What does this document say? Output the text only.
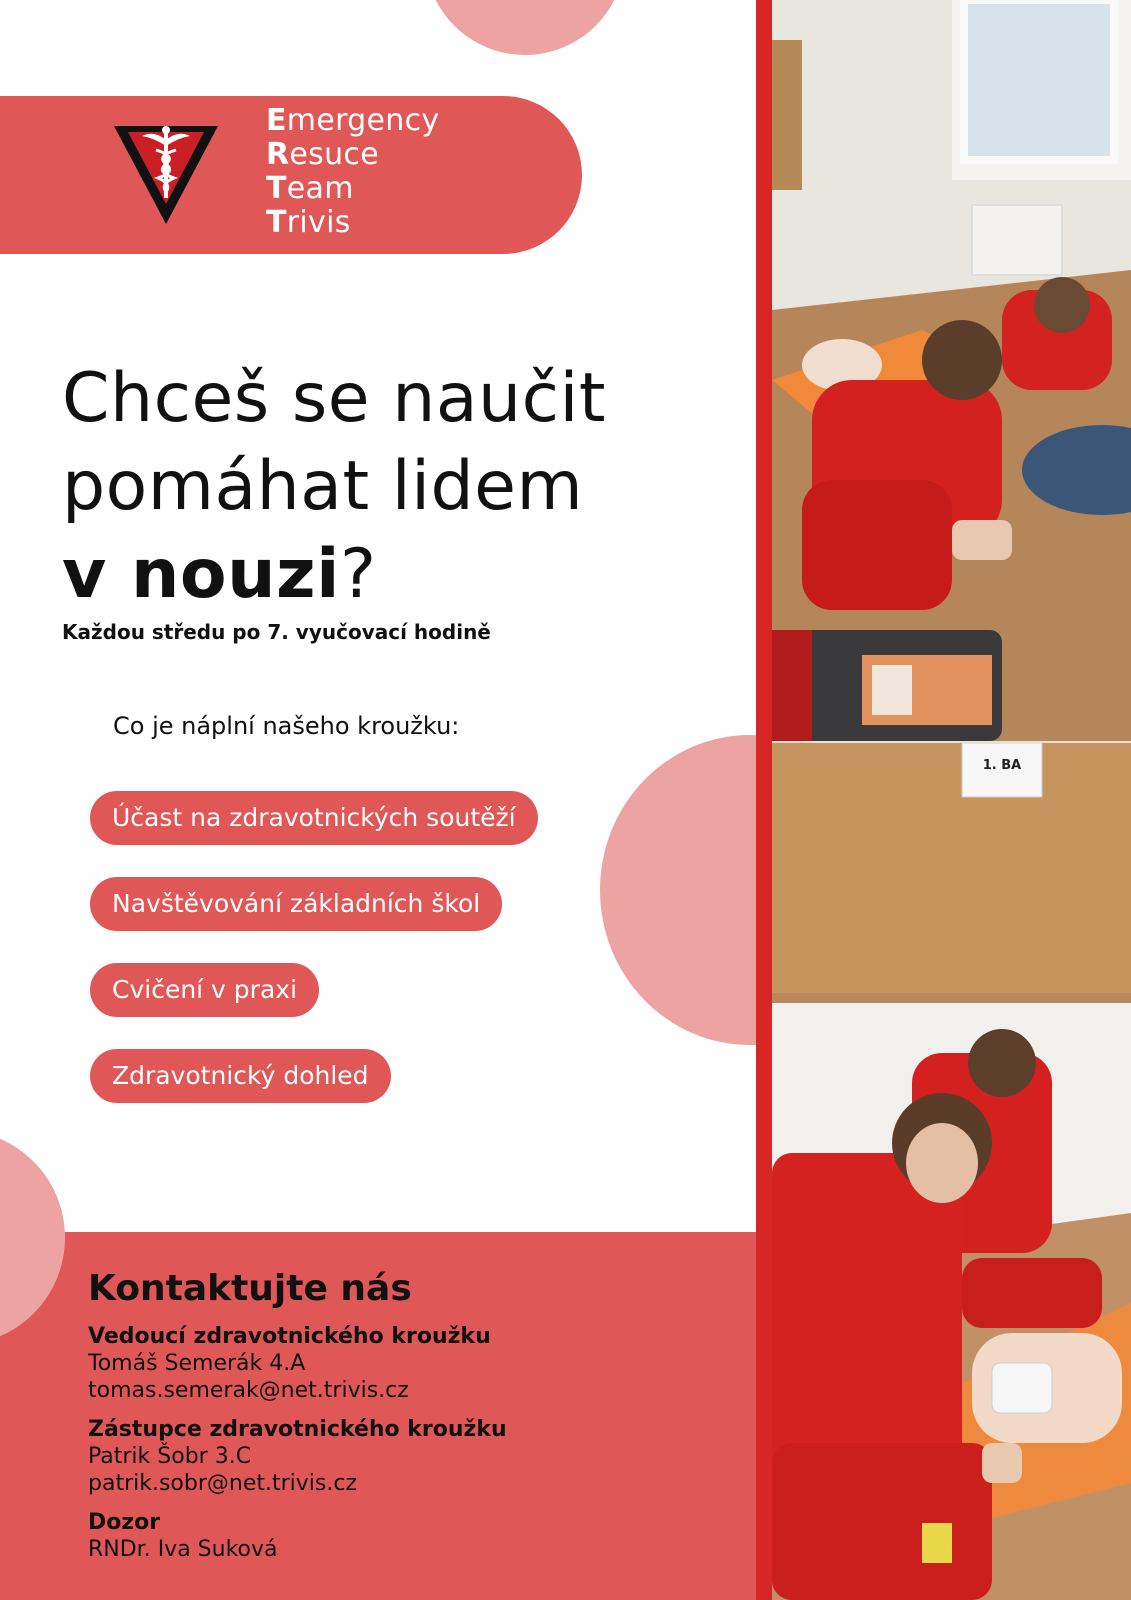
Emergency
Resuce
Team
Trivis
Chceš se naučit
pomáhat lidem
v nouzi?
Každou středu po 7. vyučovací hodině
Co je náplní našeho kroužku:
Účast na zdravotnických soutěží
Navštěvování základních škol
Cvičení v praxi
Zdravotnický dohled
Kontaktujte nás
Vedoucí zdravotnického kroužku
Tomáš Semerák 4.A
tomas.semerak@net.trivis.cz
Zástupce zdravotnického kroužku
Patrik Šobr 3.C
patrik.sobr@net.trivis.cz
Dozor
RNDr. Iva Suková
1. BA
